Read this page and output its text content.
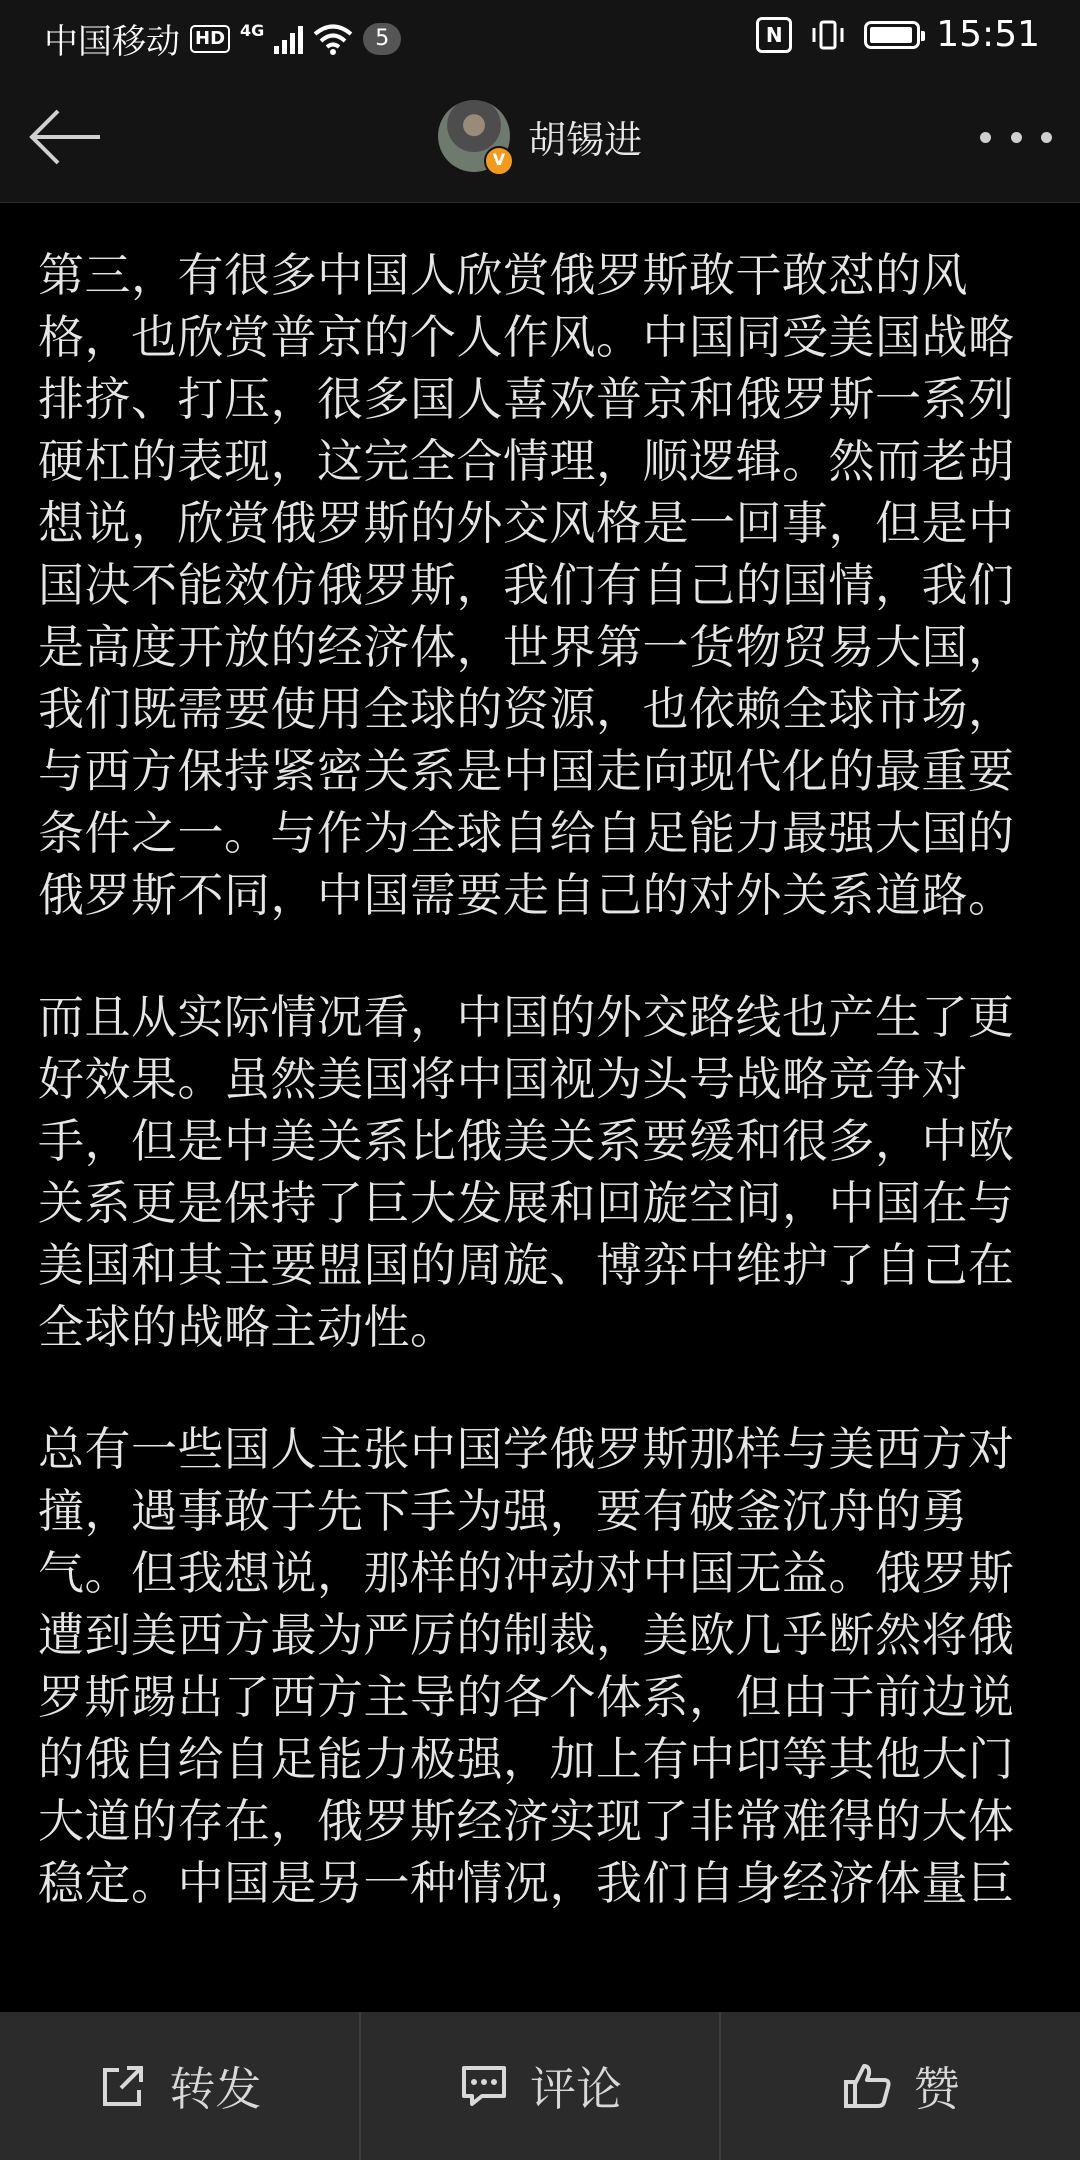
中国移动 HD 4G	5	N	15:51
V 胡锡进

第三，有很多中国人欣赏俄罗斯敢干敢怼的风格，也欣赏普京的个人作风。中国同受美国战略排挤、打压，很多国人喜欢普京和俄罗斯一系列硬杠的表现，这完全合情理，顺逻辑。然而老胡想说，欣赏俄罗斯的外交风格是一回事，但是中国决不能效仿俄罗斯，我们有自己的国情，我们是高度开放的经济体，世界第一货物贸易大国，我们既需要使用全球的资源，也依赖全球市场，与西方保持紧密关系是中国走向现代化的最重要条件之一。与作为全球自给自足能力最强大国的俄罗斯不同，中国需要走自己的对外关系道路。

而且从实际情况看，中国的外交路线也产生了更好效果。虽然美国将中国视为头号战略竞争对手，但是中美关系比俄美关系要缓和很多，中欧关系更是保持了巨大发展和回旋空间，中国在与美国和其主要盟国的周旋、博弈中维护了自己在全球的战略主动性。

总有一些国人主张中国学俄罗斯那样与美西方对撞，遇事敢于先下手为强，要有破釜沉舟的勇气。但我想说，那样的冲动对中国无益。俄罗斯遭到美西方最为严厉的制裁，美欧几乎断然将俄罗斯踢出了西方主导的各个体系，但由于前边说的俄自给自足能力极强，加上有中印等其他大门大道的存在，俄罗斯经济实现了非常难得的大体稳定。中国是另一种情况，我们自身经济体量巨

转发	评论	赞
